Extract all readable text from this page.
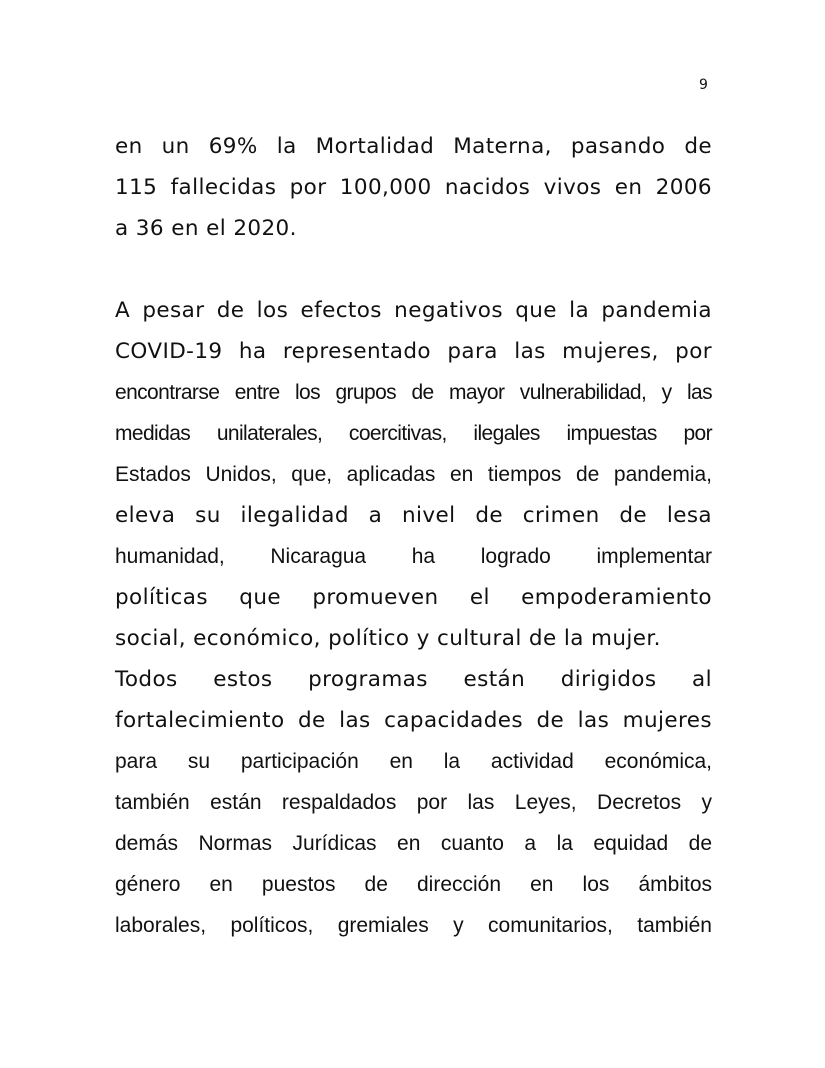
9
en un 69% la Mortalidad Materna, pasando de
115 fallecidas por 100,000 nacidos vivos en 2006
a 36 en el 2020.
A pesar de los efectos negativos que la pandemia
COVID-19 ha representado para las mujeres, por
encontrarse entre los grupos de mayor vulnerabilidad, y las
medidas unilaterales, coercitivas, ilegales impuestas por
Estados Unidos, que, aplicadas en tiempos de pandemia,
eleva su ilegalidad a nivel de crimen de lesa
humanidad, Nicaragua ha logrado implementar
políticas que promueven el empoderamiento
social, económico, político y cultural de la mujer.
Todos estos programas están dirigidos al
fortalecimiento de las capacidades de las mujeres
para su participación en la actividad económica,
también están respaldados por las Leyes, Decretos y
demás Normas Jurídicas en cuanto a la equidad de
género en puestos de dirección en los ámbitos
laborales, políticos, gremiales y comunitarios, también
